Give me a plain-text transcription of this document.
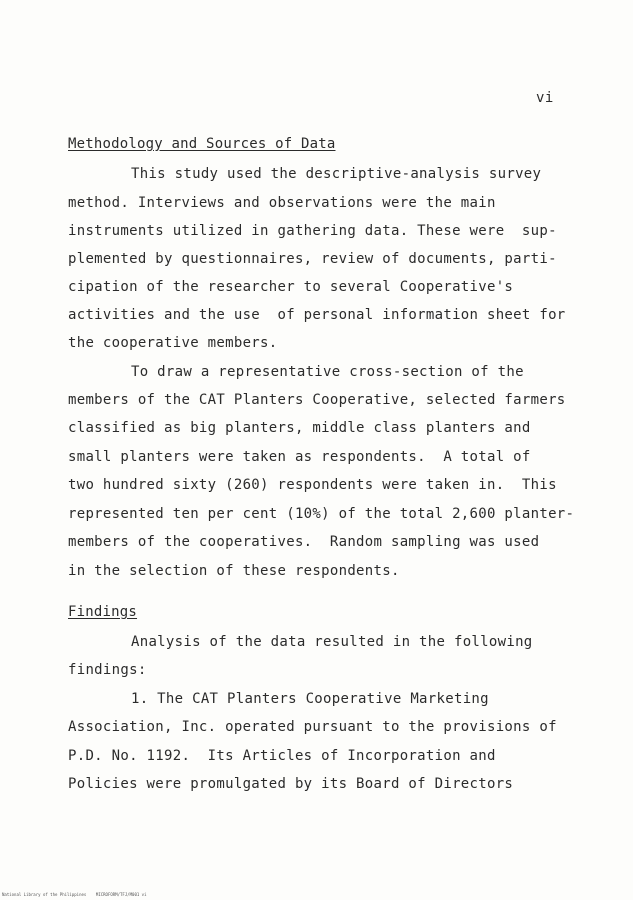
vi
Methodology and Sources of Data
This study used the descriptive-analysis survey
method. Interviews and observations were the main
instruments utilized in gathering data. These were  sup-
plemented by questionnaires, review of documents, parti-
cipation of the researcher to several Cooperative's
activities and the use  of personal information sheet for
the cooperative members.
To draw a representative cross-section of the
members of the CAT Planters Cooperative, selected farmers
classified as big planters, middle class planters and
small planters were taken as respondents.  A total of
two hundred sixty (260) respondents were taken in.  This
represented ten per cent (10%) of the total 2,600 planter-
members of the cooperatives.  Random sampling was used
in the selection of these respondents.
Findings
Analysis of the data resulted in the following
findings:
1. The CAT Planters Cooperative Marketing
Association, Inc. operated pursuant to the provisions of
P.D. No. 1192.  Its Articles of Incorporation and
Policies were promulgated by its Board of Directors
National Library of the Philippines    MICROFORM/TFJ/M001 vi
